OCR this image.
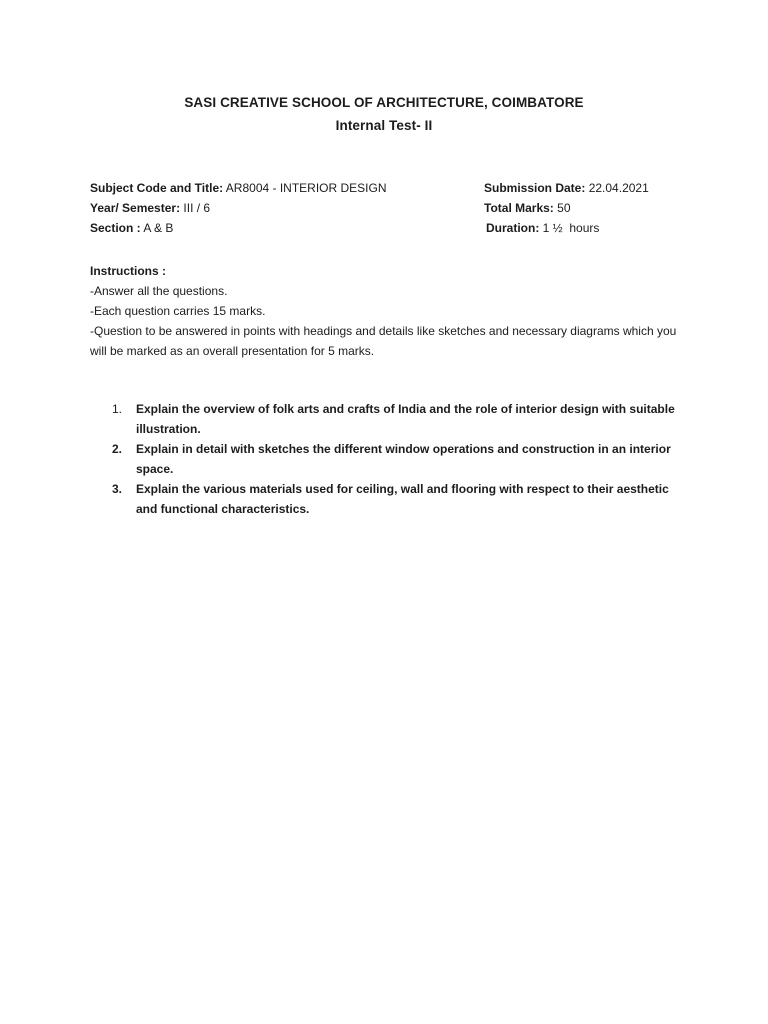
SASI CREATIVE SCHOOL OF ARCHITECTURE, COIMBATORE
Internal Test- II
Subject Code and Title: AR8004 - INTERIOR DESIGN	Submission Date: 22.04.2021
Year/ Semester: III / 6	Total Marks: 50
Section : A & B	Duration: 1 ½  hours
Instructions :
-Answer all the questions.
-Each question carries 15 marks.
-Question to be answered in points with headings and details like sketches and necessary diagrams which you will be marked as an overall presentation for 5 marks.
1. Explain the overview of folk arts and crafts of India and the role of interior design with suitable illustration.
2. Explain in detail with sketches the different window operations and construction in an interior space.
3. Explain the various materials used for ceiling, wall and flooring with respect to their aesthetic and functional characteristics.
